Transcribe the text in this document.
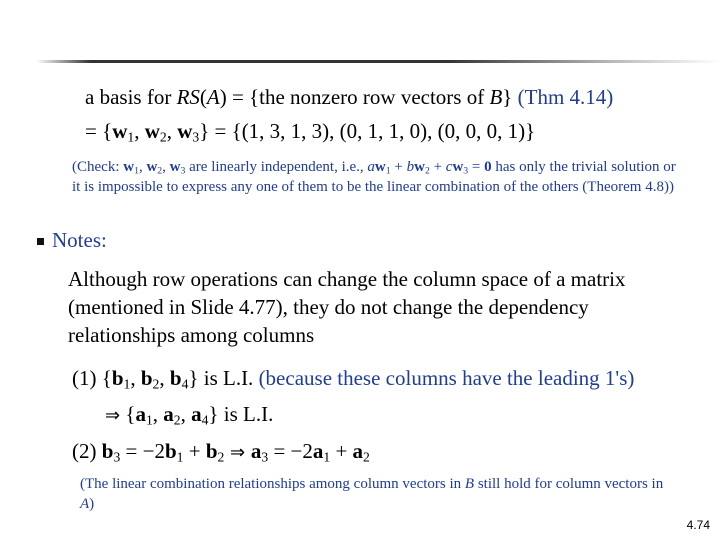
a basis for RS(A) = {the nonzero row vectors of B} (Thm 4.14)
= {$w_1$, $w_2$, $w_3\} = \{(1$, 3, 1, 3), (0, 1, 1, 0), (0, 0, 0, 1)}
(Check: $w_1$, $w_2$, $w_3$ are linearly independent, i.e., $aw_1 + bw_2 + cw_3 = 0$ has only the trivial solution or it is impossible to express any one of them to be the linear combination of the others (Theorem 4.8))
Notes:
Although row operations can change the column space of a matrix (mentioned in Slide 4.77), they do not change the dependency relationships among columns
(1) {$b_1$, $b_2$, $b_4$} is L.I. (because these columns have the leading 1's)
⇒ {$a_1$, $a_2$, $a_4$} is L.I.
(2) $b_3 = -2b_1 + b_2$ ⇒ $a_3 = -2a_1 + a_2$
(The linear combination relationships among column vectors in B still hold for column vectors in A)
4.74
